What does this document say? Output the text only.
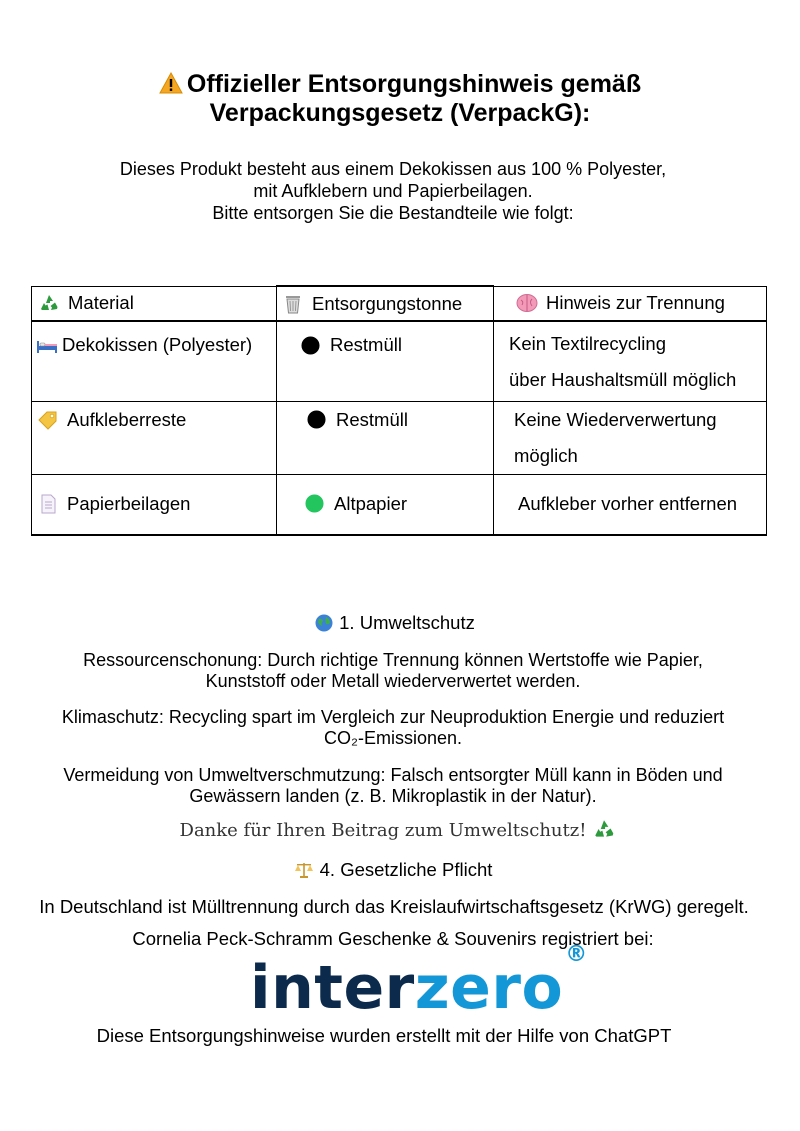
Offizieller Entsorgungshinweis gemäß
Verpackungsgesetz (VerpackG):
Dieses Produkt besteht aus einem Dekokissen aus 100 % Polyester,
mit Aufklebern und Papierbeilagen.
Bitte entsorgen Sie die Bestandteile wie folgt:
Material	Entsorgungstonne	Hinweis zur Trennung

Dekokissen (Polyester)	Restmüll	Kein Textilrecycling
über Haushaltsmüll möglich

Aufkleberreste	Restmüll	Keine Wiederverwertung
möglich

Papierbeilagen	Altpapier	Aufkleber vorher entfernen
1. Umweltschutz
Ressourcenschonung: Durch richtige Trennung können Wertstoffe wie Papier,
Kunststoff oder Metall wiederverwertet werden.
Klimaschutz: Recycling spart im Vergleich zur Neuproduktion Energie und reduziert
CO₂-Emissionen.
Vermeidung von Umweltverschmutzung: Falsch entsorgter Müll kann in Böden und
Gewässern landen (z. B. Mikroplastik in der Natur).
Danke für Ihren Beitrag zum Umweltschutz!
4. Gesetzliche Pflicht
In Deutschland ist Mülltrennung durch das Kreislaufwirtschaftsgesetz (KrWG) geregelt.
Cornelia Peck-Schramm Geschenke & Souvenirs registriert bei:
interzero®
Diese Entsorgungshinweise wurden erstellt mit der Hilfe von ChatGPT
